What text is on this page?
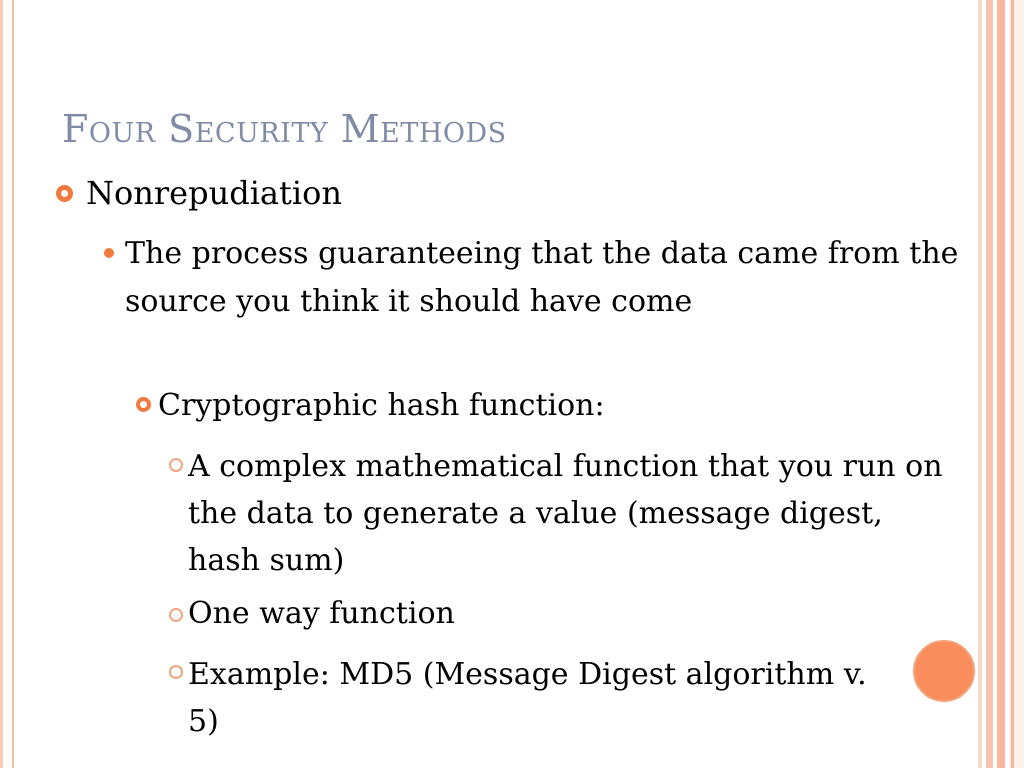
Four Security Methods
Nonrepudiation
The process guaranteeing that the data came from the source you think it should have come
Cryptographic hash function:
A complex mathematical function that you run on the data to generate a value (message digest, hash sum)
One way function
Example: MD5 (Message Digest algorithm v. 5)
